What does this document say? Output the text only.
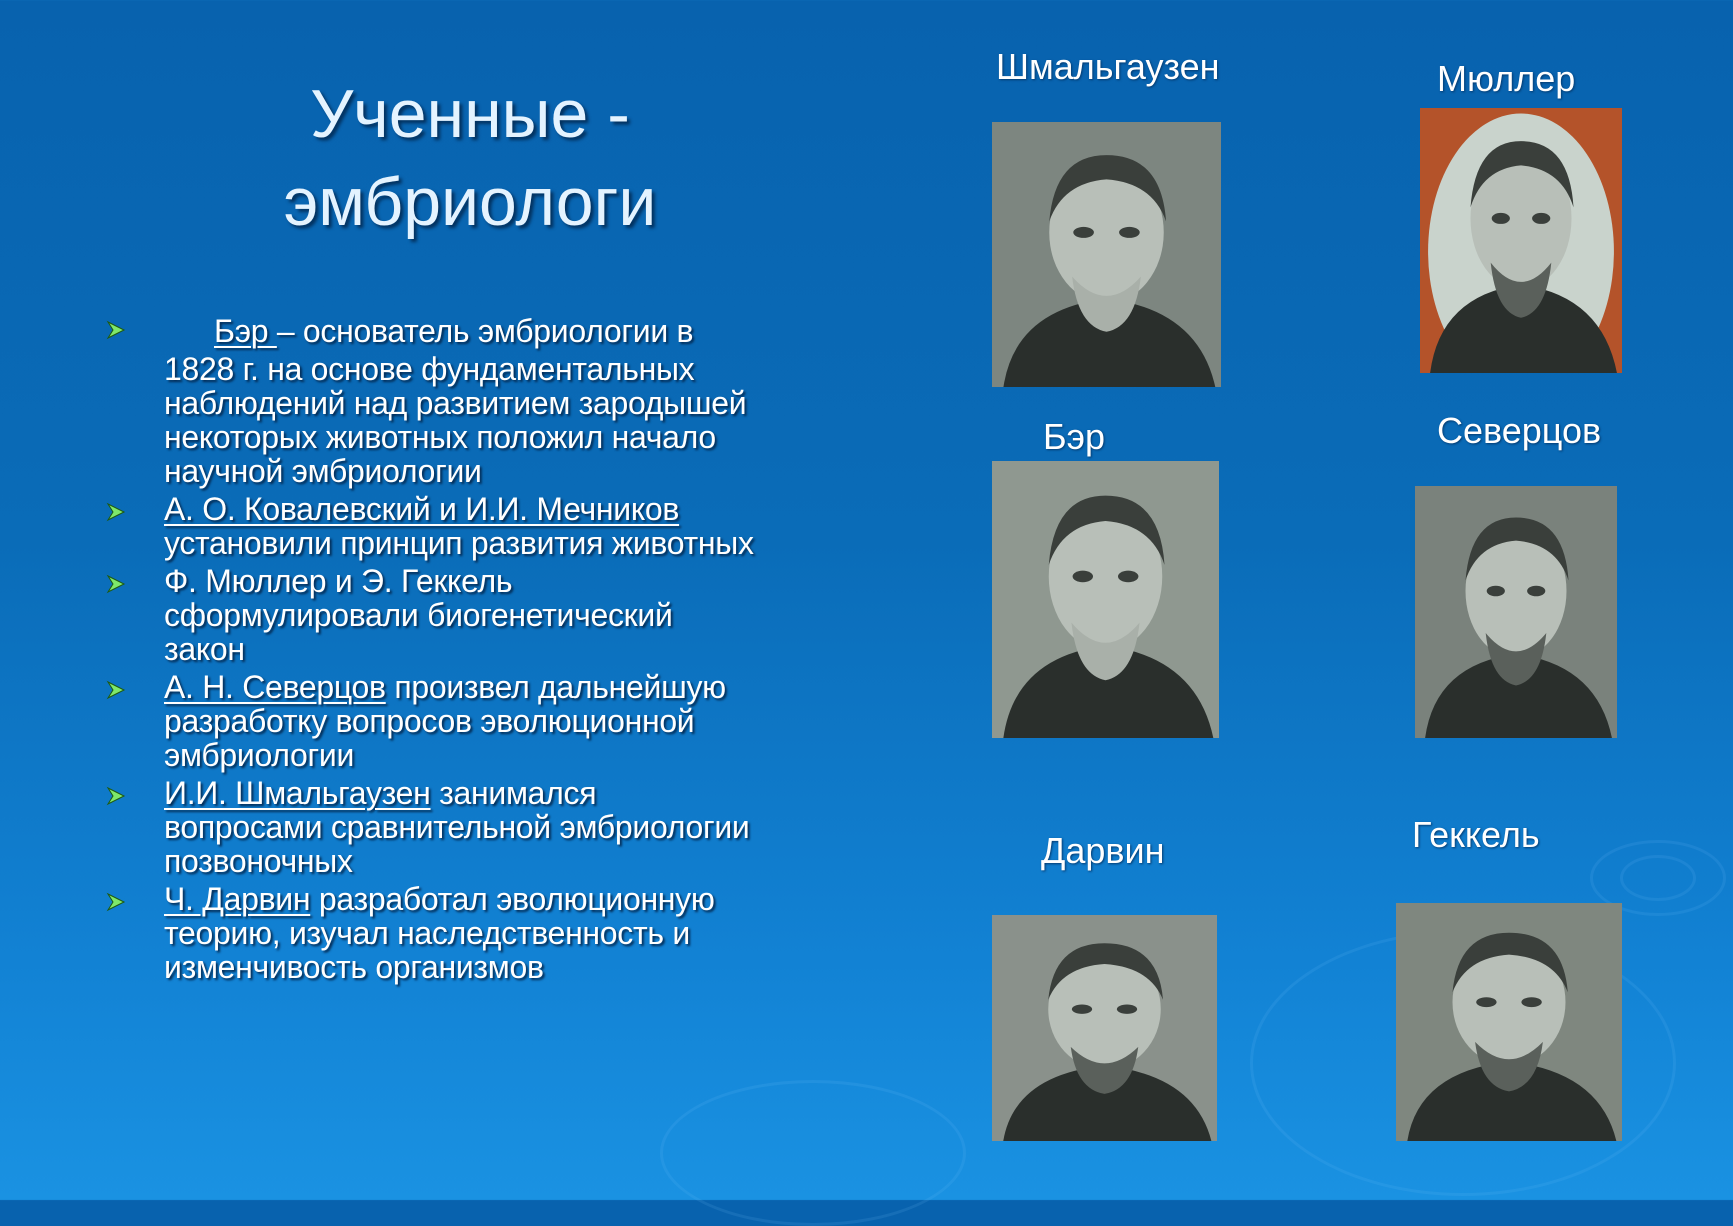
Ученные -
эмбриологи
Бэр – основатель эмбриологии в
1828 г. на основе фундаментальных
наблюдений над развитием зародышей
некоторых животных положил начало
научной эмбриологии
А. О. Ковалевский и И.И. Мечников
установили принцип развития животных
Ф. Мюллер и Э. Геккель
сформулировали биогенетический
закон
А. Н. Северцов произвел дальнейшую
разработку вопросов эволюционной
эмбриологии
И.И. Шмальгаузен занимался
вопросами сравнительной эмбриологии
позвоночных
Ч. Дарвин разработал эволюционную
теорию, изучал наследственность и
изменчивость организмов
Шмальгаузен	Мюллер
Бэр	Северцов
Дарвин	Геккель
